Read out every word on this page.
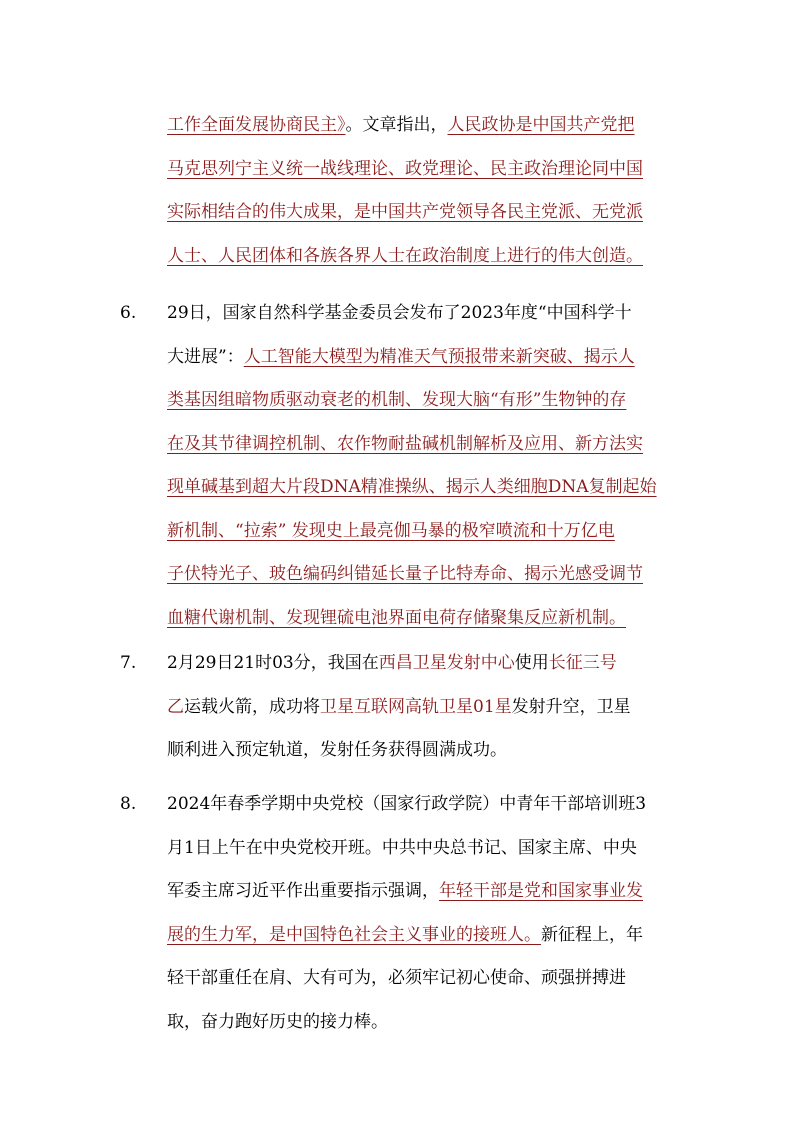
工作全面发展协商民主》。文章指出，人民政协是中国共产党把
马克思列宁主义统一战线理论、政党理论、民主政治理论同中国
实际相结合的伟大成果，是中国共产党领导各民主党派、无党派
人士、人民团体和各族各界人士在政治制度上进行的伟大创造。
6. 29日，国家自然科学基金委员会发布了2023年度“中国科学十
大进展”：人工智能大模型为精准天气预报带来新突破、揭示人
类基因组暗物质驱动衰老的机制、发现大脑“有形”生物钟的存
在及其节律调控机制、农作物耐盐碱机制解析及应用、新方法实
现单碱基到超大片段DNA精准操纵、揭示人类细胞DNA复制起始
新机制、“拉索” 发现史上最亮伽马暴的极窄喷流和十万亿电
子伏特光子、玻色编码纠错延长量子比特寿命、揭示光感受调节
血糖代谢机制、发现锂硫电池界面电荷存储聚集反应新机制。
7. 2月29日21时03分，我国在西昌卫星发射中心使用长征三号
乙运载火箭，成功将卫星互联网高轨卫星01星发射升空，卫星
顺利进入预定轨道，发射任务获得圆满成功。
8. 2024年春季学期中央党校（国家行政学院）中青年干部培训班3
月1日上午在中央党校开班。中共中央总书记、国家主席、中央
军委主席习近平作出重要指示强调，年轻干部是党和国家事业发
展的生力军，是中国特色社会主义事业的接班人。新征程上，年
轻干部重任在肩、大有可为，必须牢记初心使命、顽强拼搏进
取，奋力跑好历史的接力棒。
